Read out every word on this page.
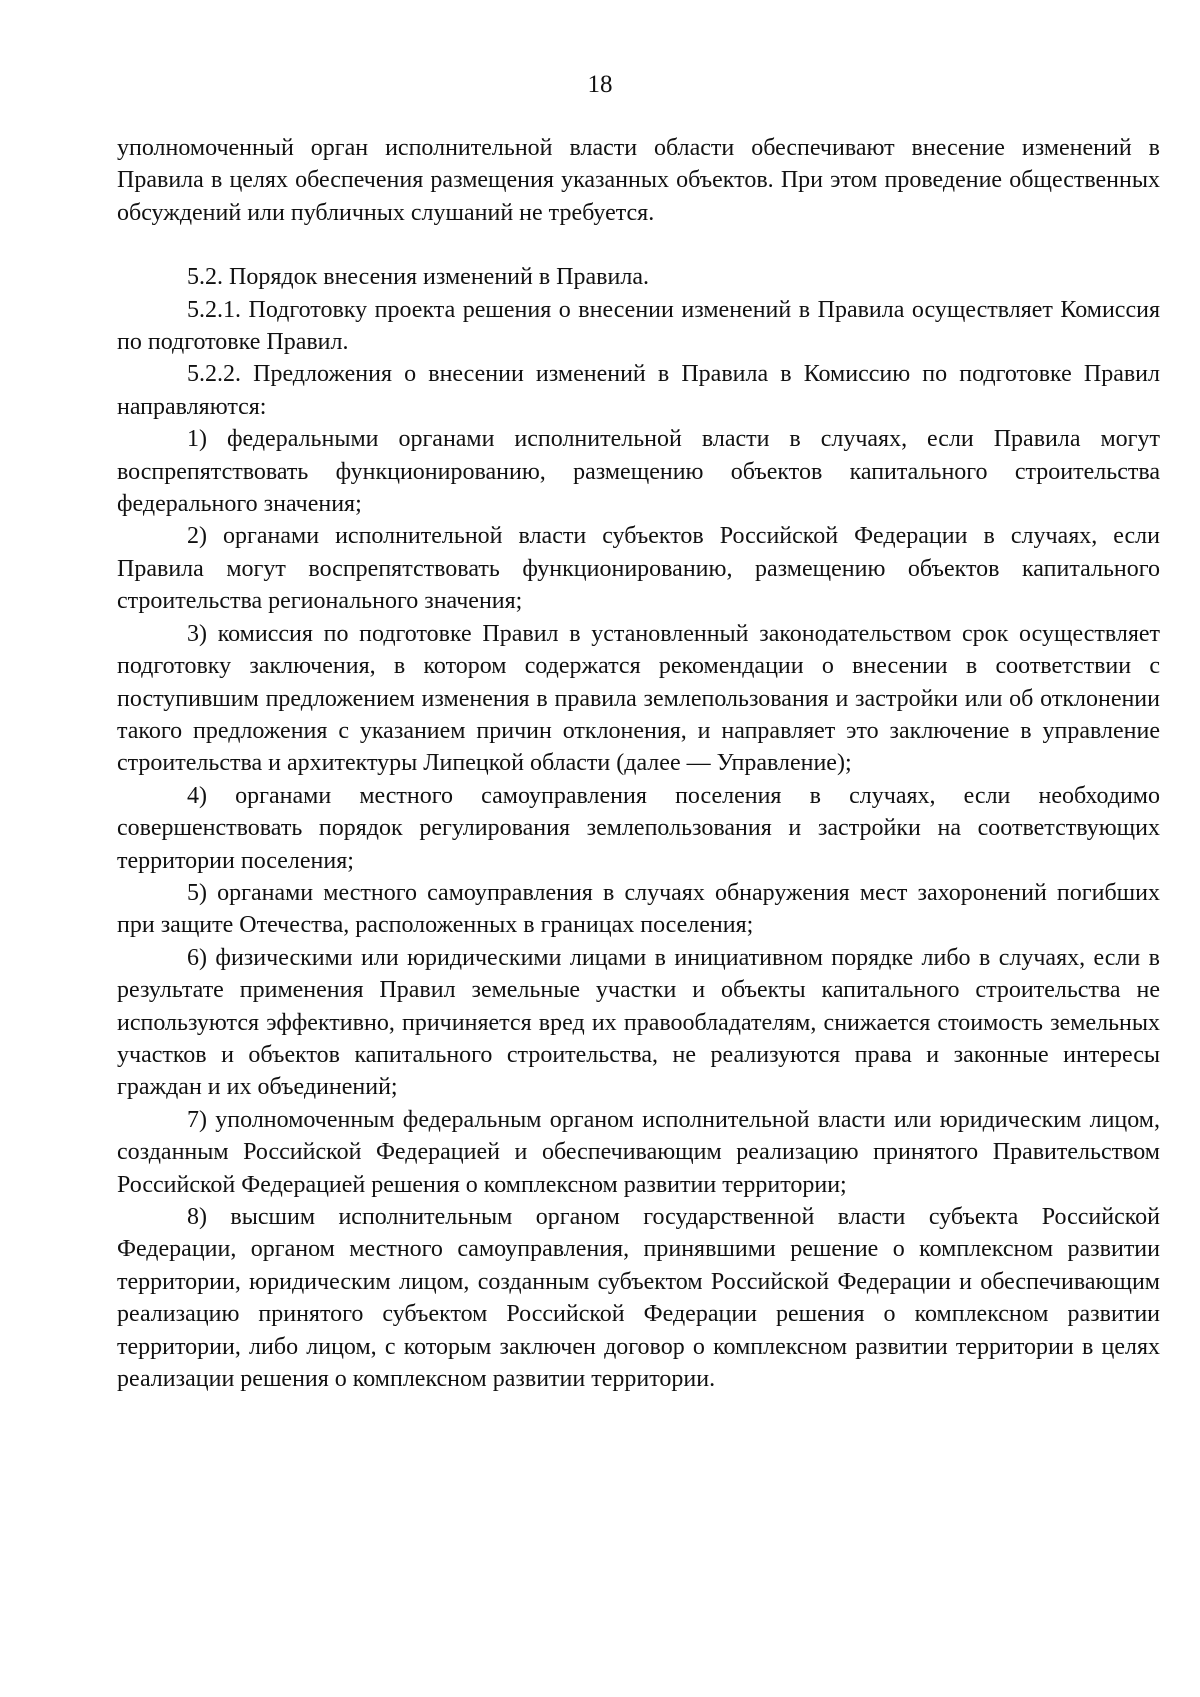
18

уполномоченный орган исполнительной власти области обеспечивают внесение изменений в Правила в целях обеспечения размещения указанных объектов. При этом проведение общественных обсуждений или публичных слушаний не требуется.

5.2. Порядок внесения изменений в Правила.

5.2.1. Подготовку проекта решения о внесении изменений в Правила осуществляет Комиссия по подготовке Правил.

5.2.2. Предложения о внесении изменений в Правила в Комиссию по подготовке Правил направляются:

1) федеральными органами исполнительной власти в случаях, если Правила могут воспрепятствовать функционированию, размещению объектов капитального строительства федерального значения;

2) органами исполнительной власти субъектов Российской Федерации в случаях, если Правила могут воспрепятствовать функционированию, размещению объектов капитального строительства регионального значения;

3) комиссия по подготовке Правил в установленный законодательством срок осуществляет подготовку заключения, в котором содержатся рекомендации о внесении в соответствии с поступившим предложением изменения в правила землепользования и застройки или об отклонении такого предложения с указанием причин отклонения, и направляет это заключение в управление строительства и архитектуры Липецкой области (далее — Управление);

4) органами местного самоуправления поселения в случаях, если необходимо совершенствовать порядок регулирования землепользования и застройки на соответствующих территории поселения;

5) органами местного самоуправления в случаях обнаружения мест захоронений погибших при защите Отечества, расположенных в границах поселения;

6) физическими или юридическими лицами в инициативном порядке либо в случаях, если в результате применения Правил земельные участки и объекты капитального строительства не используются эффективно, причиняется вред их правообладателям, снижается стоимость земельных участков и объектов капитального строительства, не реализуются права и законные интересы граждан и их объединений;

7) уполномоченным федеральным органом исполнительной власти или юридическим лицом, созданным Российской Федерацией и обеспечивающим реализацию принятого Правительством Российской Федерацией решения о комплексном развитии территории;

8) высшим исполнительным органом государственной власти субъекта Российской Федерации, органом местного самоуправления, принявшими решение о комплексном развитии территории, юридическим лицом, созданным субъектом Российской Федерации и обеспечивающим реализацию принятого субъектом Российской Федерации решения о комплексном развитии территории, либо лицом, с которым заключен договор о комплексном развитии территории в целях реализации решения о комплексном развитии территории.
